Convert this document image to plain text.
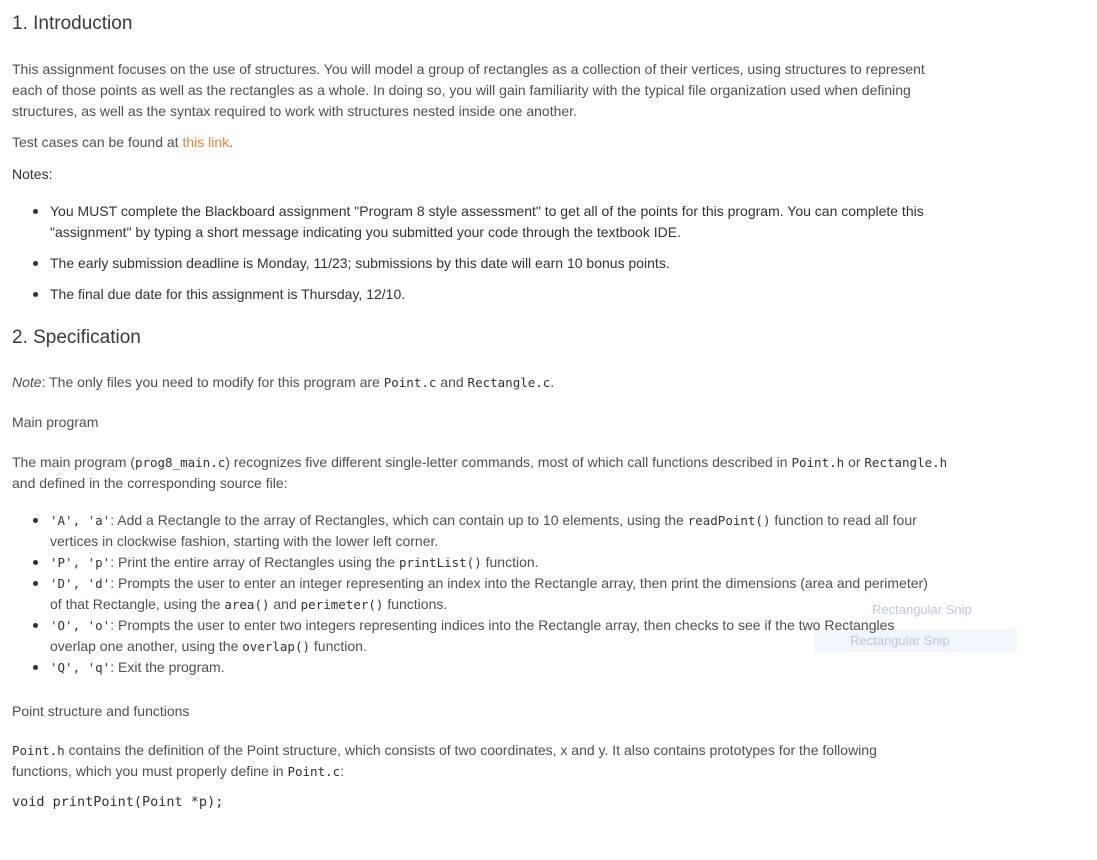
Rectangular Snip
Rectangular Snip
1. Introduction

This assignment focuses on the use of structures. You will model a group of rectangles as a collection of their vertices, using structures to represent each of those points as well as the rectangles as a whole. In doing so, you will gain familiarity with the typical file organization used when defining structures, as well as the syntax required to work with structures nested inside one another.

Test cases can be found at this link.

Notes:

You MUST complete the Blackboard assignment "Program 8 style assessment" to get all of the points for this program. You can complete this "assignment" by typing a short message indicating you submitted your code through the textbook IDE.
The early submission deadline is Monday, 11/23; submissions by this date will earn 10 bonus points.
The final due date for this assignment is Thursday, 12/10.
2. Specification

Note: The only files you need to modify for this program are Point.c and Rectangle.c.

Main program

The main program (prog8_main.c) recognizes five different single-letter commands, most of which call functions described in Point.h or Rectangle.h and defined in the corresponding source file:

'A', 'a': Add a Rectangle to the array of Rectangles, which can contain up to 10 elements, using the readPoint() function to read all four vertices in clockwise fashion, starting with the lower left corner.
'P', 'p': Print the entire array of Rectangles using the printList() function.
'D', 'd': Prompts the user to enter an integer representing an index into the Rectangle array, then print the dimensions (area and perimeter) of that Rectangle, using the area() and perimeter() functions.
'O', 'o': Prompts the user to enter two integers representing indices into the Rectangle array, then checks to see if the two Rectangles overlap one another, using the overlap() function.
'Q', 'q': Exit the program.

Point structure and functions

Point.h contains the definition of the Point structure, which consists of two coordinates, x and y. It also contains prototypes for the following functions, which you must properly define in Point.c:

void printPoint(Point *p);
